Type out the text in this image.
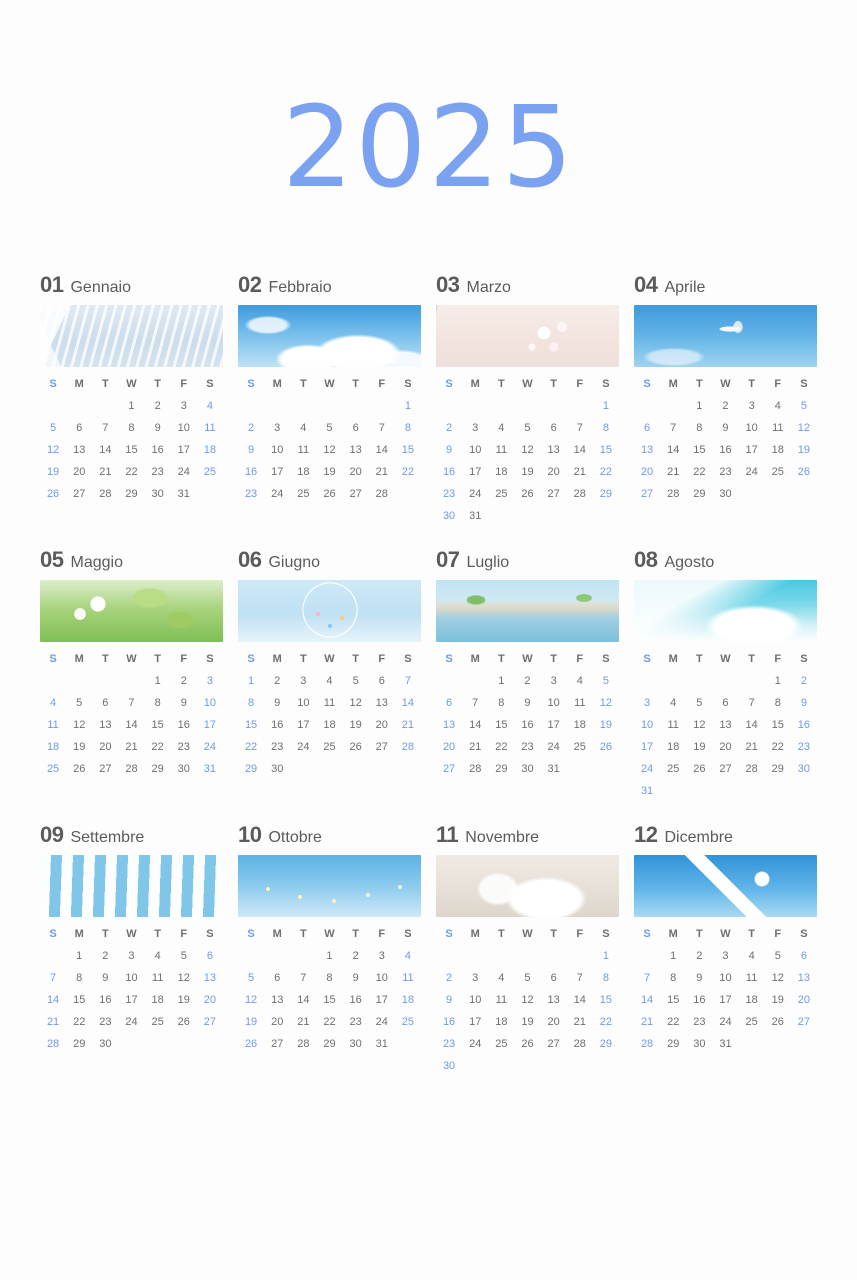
2025
01 Gennaio
S	M	T	W	T	F	S
			1	2	3	4
5	6	7	8	9	10	11
12	13	14	15	16	17	18
19	20	21	22	23	24	25
26	27	28	29	30	31	
02 Febbraio
S	M	T	W	T	F	S
						1
2	3	4	5	6	7	8
9	10	11	12	13	14	15
16	17	18	19	20	21	22
23	24	25	26	27	28	
03 Marzo
S	M	T	W	T	F	S
						1
2	3	4	5	6	7	8
9	10	11	12	13	14	15
16	17	18	19	20	21	22
23	24	25	26	27	28	29
30	31					
04 Aprile
S	M	T	W	T	F	S
		1	2	3	4	5
6	7	8	9	10	11	12
13	14	15	16	17	18	19
20	21	22	23	24	25	26
27	28	29	30			
05 Maggio
S	M	T	W	T	F	S
				1	2	3
4	5	6	7	8	9	10
11	12	13	14	15	16	17
18	19	20	21	22	23	24
25	26	27	28	29	30	31
06 Giugno
S	M	T	W	T	F	S
1	2	3	4	5	6	7
8	9	10	11	12	13	14
15	16	17	18	19	20	21
22	23	24	25	26	27	28
29	30					
07 Luglio
S	M	T	W	T	F	S
		1	2	3	4	5
6	7	8	9	10	11	12
13	14	15	16	17	18	19
20	21	22	23	24	25	26
27	28	29	30	31		
08 Agosto
S	M	T	W	T	F	S
					1	2
3	4	5	6	7	8	9
10	11	12	13	14	15	16
17	18	19	20	21	22	23
24	25	26	27	28	29	30
31						
09 Settembre
S	M	T	W	T	F	S
	1	2	3	4	5	6
7	8	9	10	11	12	13
14	15	16	17	18	19	20
21	22	23	24	25	26	27
28	29	30				
10 Ottobre
S	M	T	W	T	F	S
			1	2	3	4
5	6	7	8	9	10	11
12	13	14	15	16	17	18
19	20	21	22	23	24	25
26	27	28	29	30	31	
11 Novembre
S	M	T	W	T	F	S
						1
2	3	4	5	6	7	8
9	10	11	12	13	14	15
16	17	18	19	20	21	22
23	24	25	26	27	28	29
30						
12 Dicembre
S	M	T	W	T	F	S
	1	2	3	4	5	6
7	8	9	10	11	12	13
14	15	16	17	18	19	20
21	22	23	24	25	26	27
28	29	30	31			
